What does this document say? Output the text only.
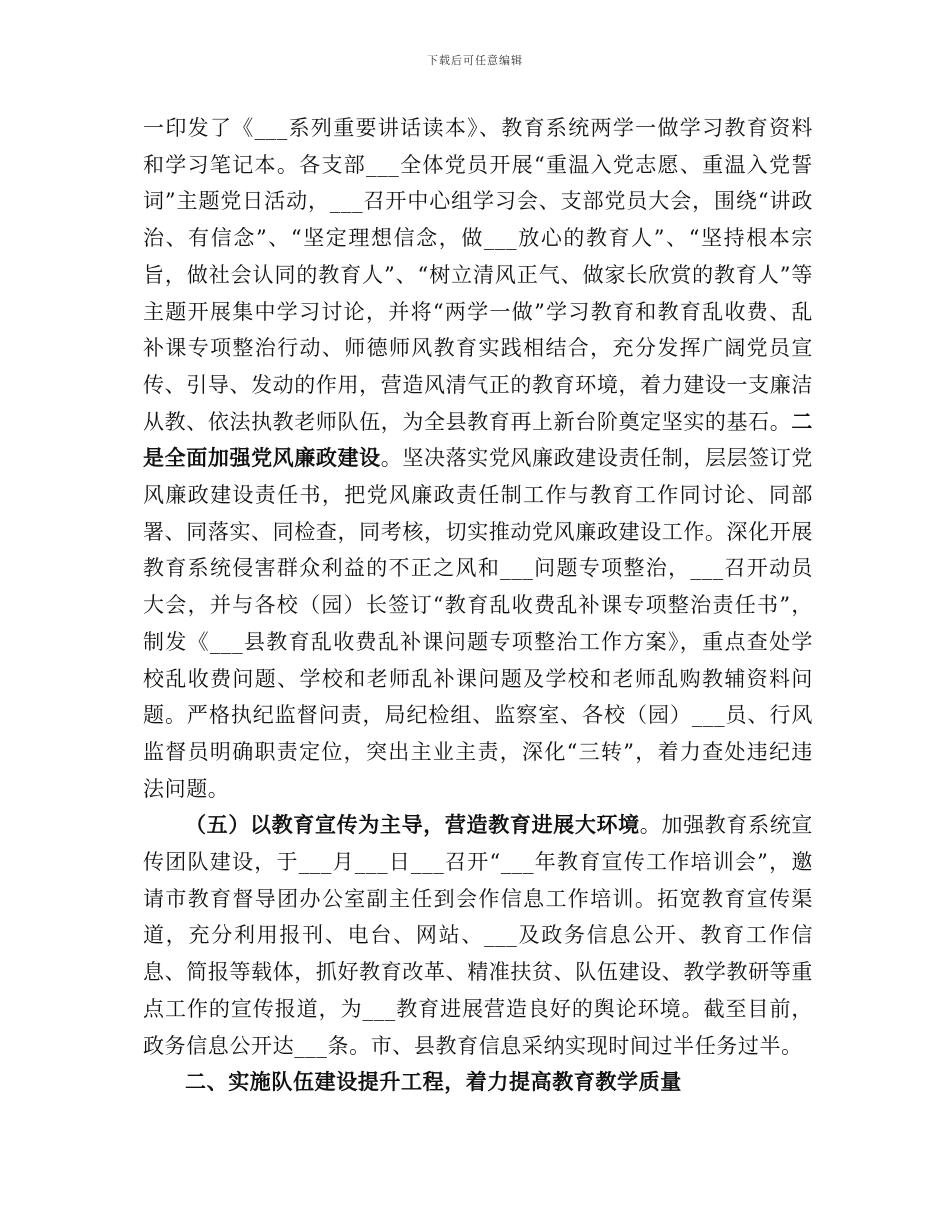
下载后可任意编辑

一印发了《___系列重要讲话读本》、教育系统两学一做学习教育资料和学习笔记本。各支部___全体党员开展“重温入党志愿、重温入党誓词”主题党日活动，___召开中心组学习会、支部党员大会，围绕“讲政治、有信念”、“坚定理想信念，做___放心的教育人”、“坚持根本宗旨，做社会认同的教育人”、“树立清风正气、做家长欣赏的教育人”等主题开展集中学习讨论，并将“两学一做”学习教育和教育乱收费、乱补课专项整治行动、师德师风教育实践相结合，充分发挥广阔党员宣传、引导、发动的作用，营造风清气正的教育环境，着力建设一支廉洁从教、依法执教老师队伍，为全县教育再上新台阶奠定坚实的基石。二是全面加强党风廉政建设。坚决落实党风廉政建设责任制，层层签订党风廉政建设责任书，把党风廉政责任制工作与教育工作同讨论、同部署、同落实、同检查，同考核，切实推动党风廉政建设工作。深化开展教育系统侵害群众利益的不正之风和___问题专项整治，___召开动员大会，并与各校（园）长签订“教育乱收费乱补课专项整治责任书”，制发《___县教育乱收费乱补课问题专项整治工作方案》，重点查处学校乱收费问题、学校和老师乱补课问题及学校和老师乱购教辅资料问题。严格执纪监督问责，局纪检组、监察室、各校（园）___员、行风监督员明确职责定位，突出主业主责，深化“三转”，着力查处违纪违法问题。

（五）以教育宣传为主导，营造教育进展大环境。加强教育系统宣传团队建设，于___月___日___召开“___年教育宣传工作培训会”，邀请市教育督导团办公室副主任到会作信息工作培训。拓宽教育宣传渠道，充分利用报刊、电台、网站、___及政务信息公开、教育工作信息、简报等载体，抓好教育改革、精准扶贫、队伍建设、教学教研等重点工作的宣传报道，为___教育进展营造良好的舆论环境。截至目前，政务信息公开达___条。市、县教育信息采纳实现时间过半任务过半。

二、实施队伍建设提升工程，着力提高教育教学质量
